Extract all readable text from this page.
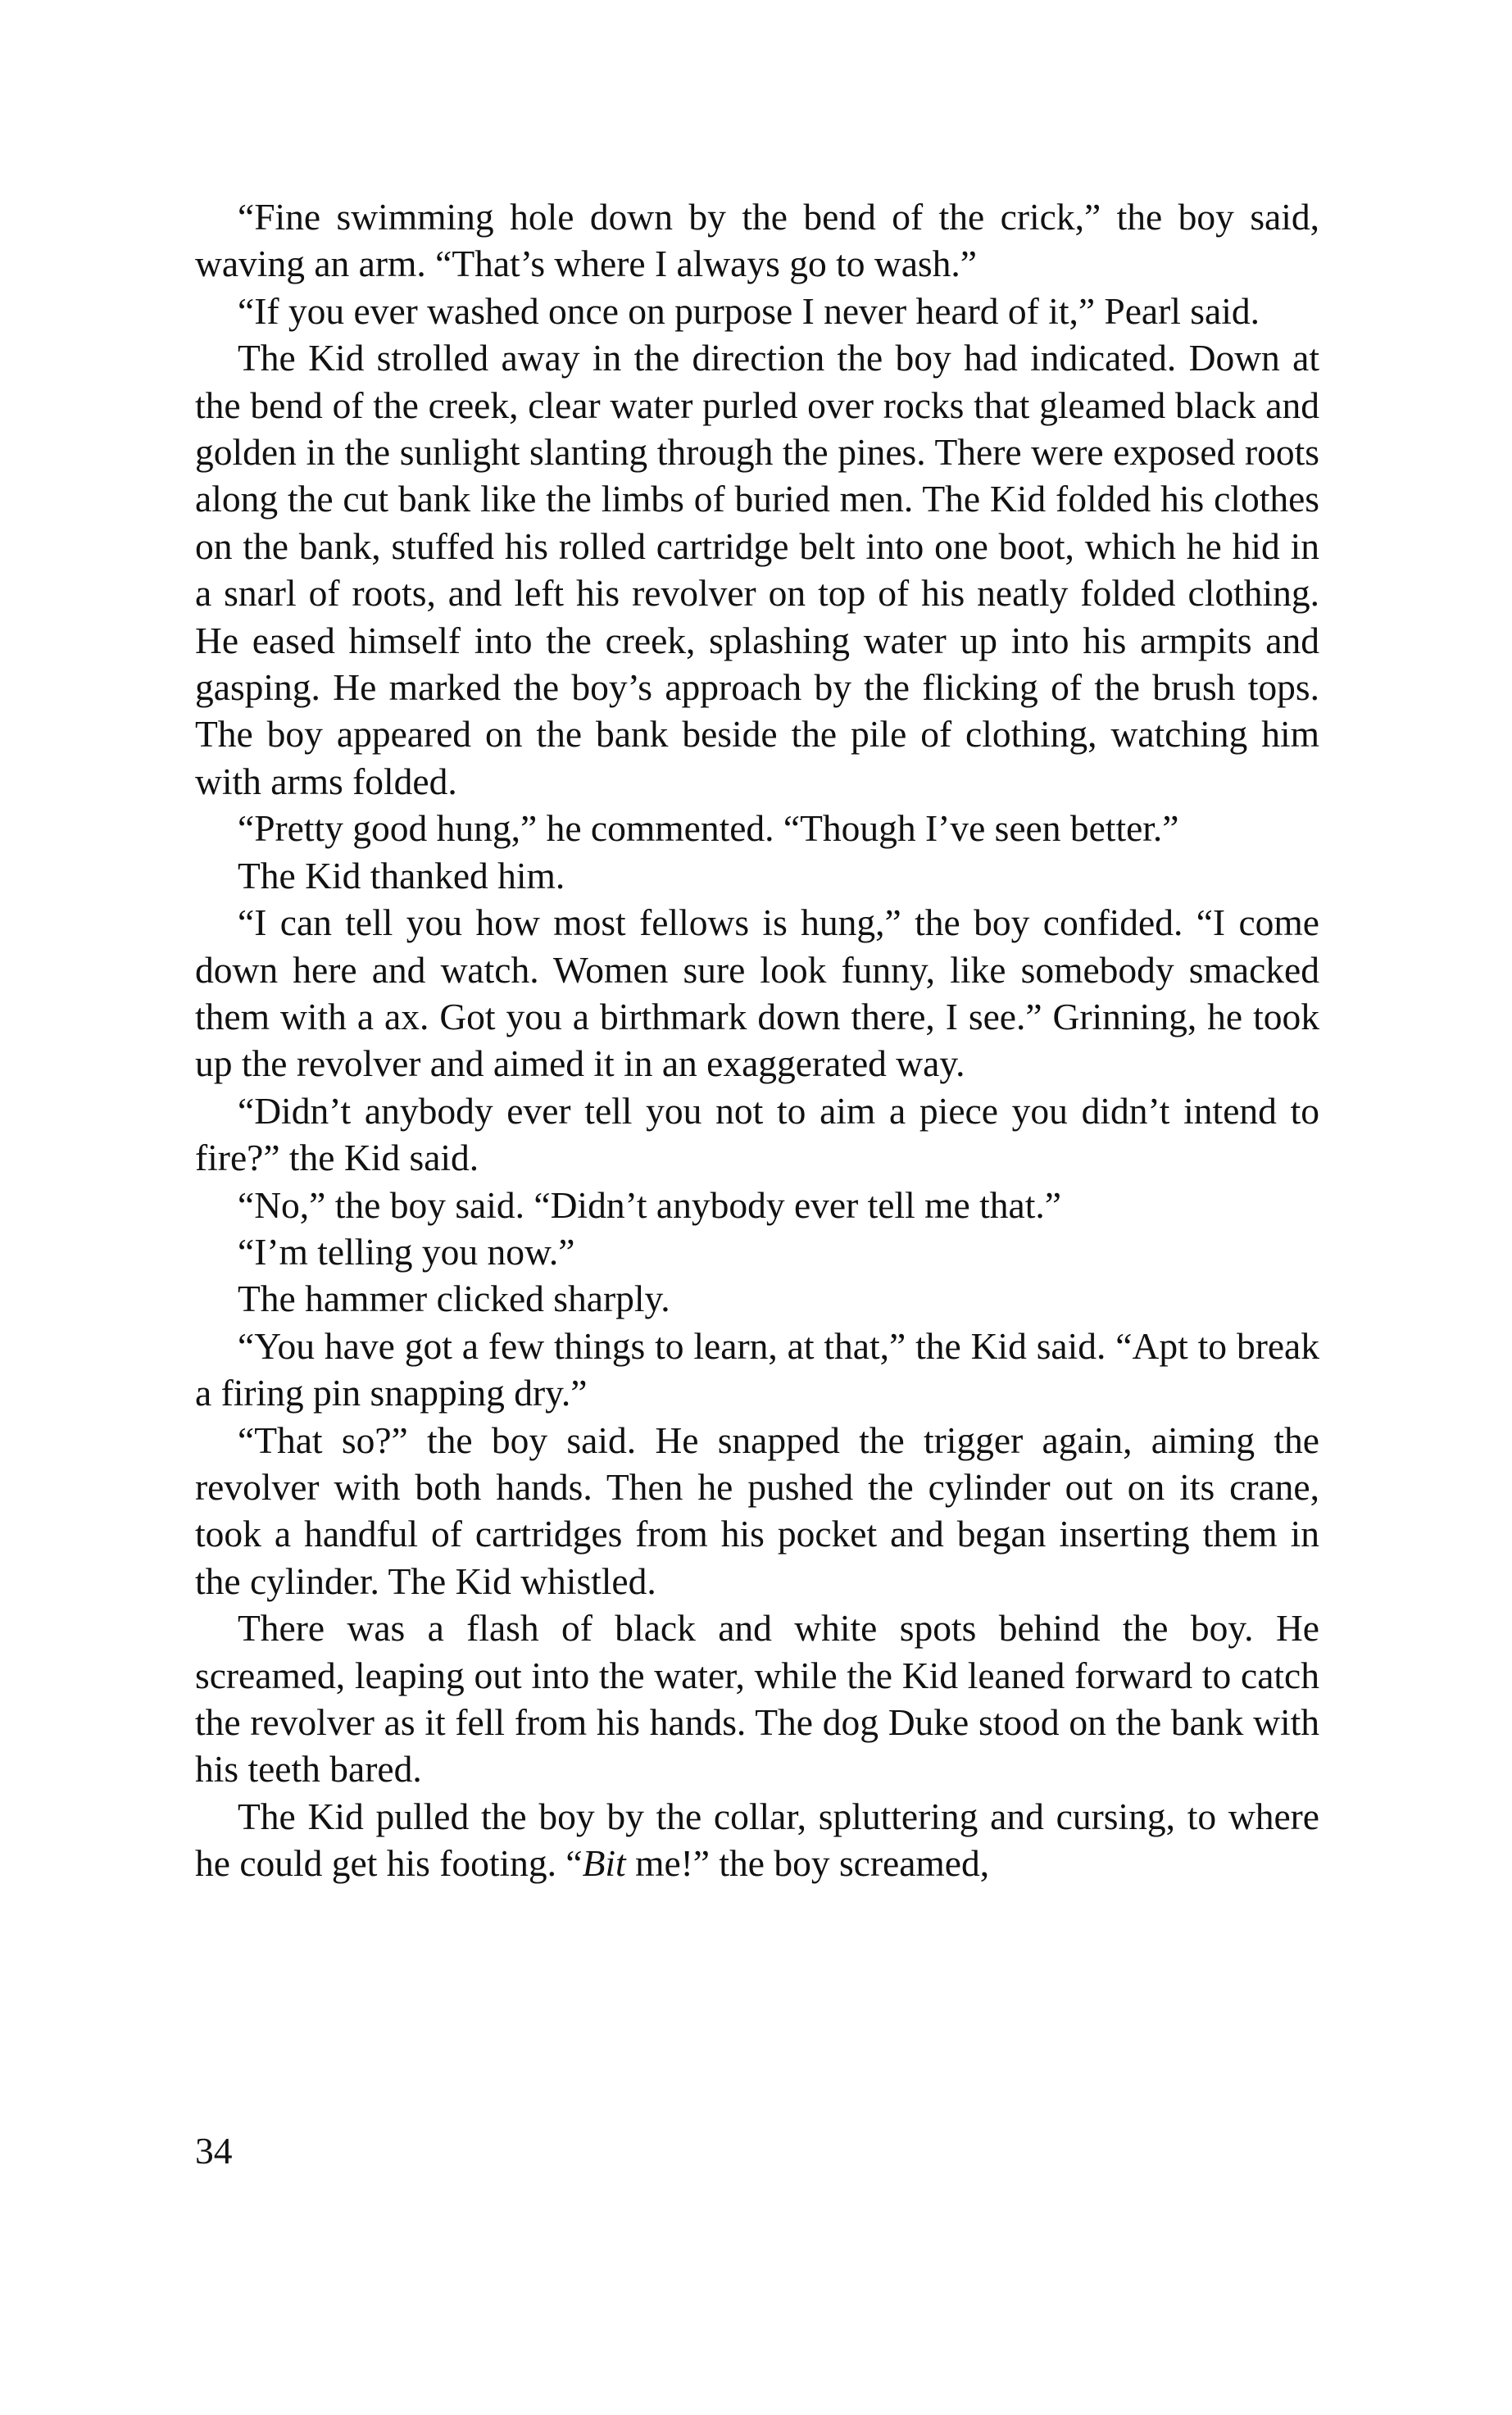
“Fine swimming hole down by the bend of the crick,” the boy said, waving an arm. “That’s where I always go to wash.”

“If you ever washed once on purpose I never heard of it,” Pearl said.

The Kid strolled away in the direction the boy had indicated. Down at the bend of the creek, clear water purled over rocks that gleamed black and golden in the sunlight slanting through the pines. There were exposed roots along the cut bank like the limbs of buried men. The Kid folded his clothes on the bank, stuffed his rolled cartridge belt into one boot, which he hid in a snarl of roots, and left his revolver on top of his neatly folded clothing. He eased himself into the creek, splashing water up into his armpits and gasping. He marked the boy’s approach by the flicking of the brush tops. The boy appeared on the bank beside the pile of clothing, watching him with arms folded.

“Pretty good hung,” he commented. “Though I’ve seen better.”

The Kid thanked him.

“I can tell you how most fellows is hung,” the boy confided. “I come down here and watch. Women sure look funny, like somebody smacked them with a ax. Got you a birthmark down there, I see.” Grinning, he took up the revolver and aimed it in an exaggerated way.

“Didn’t anybody ever tell you not to aim a piece you didn’t intend to fire?” the Kid said.

“No,” the boy said. “Didn’t anybody ever tell me that.”

“I’m telling you now.”

The hammer clicked sharply.

“You have got a few things to learn, at that,” the Kid said. “Apt to break a firing pin snapping dry.”

“That so?” the boy said. He snapped the trigger again, aiming the revolver with both hands. Then he pushed the cylinder out on its crane, took a handful of cartridges from his pocket and began inserting them in the cylinder. The Kid whistled.

There was a flash of black and white spots behind the boy. He screamed, leaping out into the water, while the Kid leaned forward to catch the revolver as it fell from his hands. The dog Duke stood on the bank with his teeth bared.

The Kid pulled the boy by the collar, spluttering and cursing, to where he could get his footing. “Bit me!” the boy screamed,

34
